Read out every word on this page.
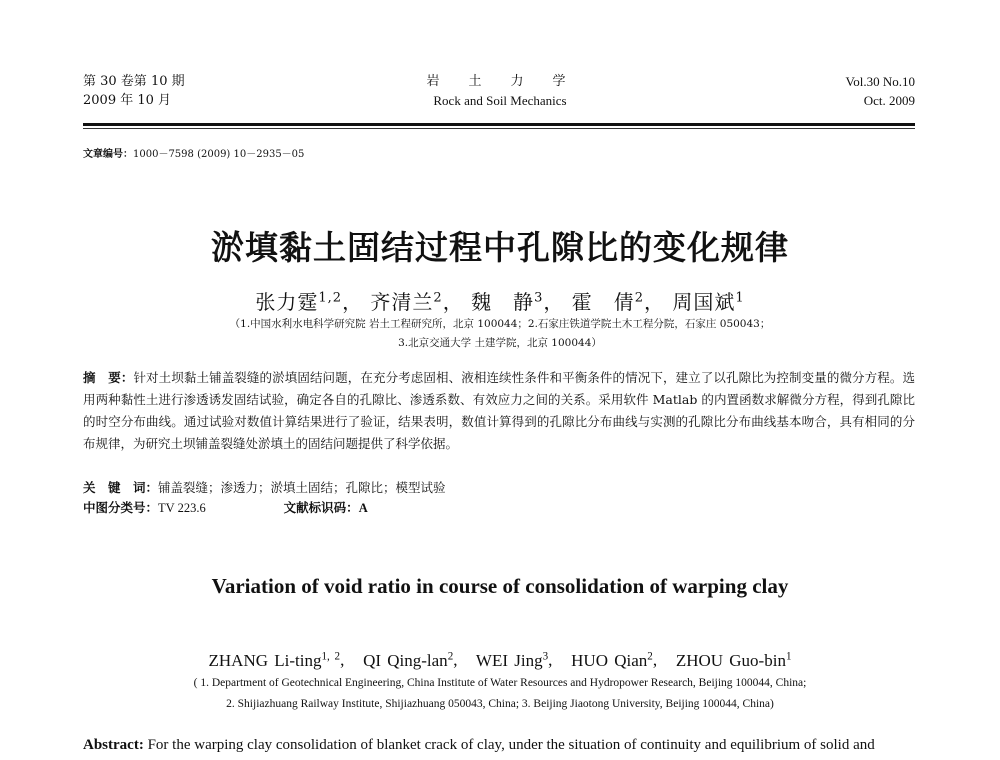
第 30 卷第 10 期
2009 年 10 月
岩　土　力　学
Rock and Soil Mechanics
Vol.30 No.10
Oct. 2009
文章编号：1000－7598 (2009) 10－2935－05
淤填黏土固结过程中孔隙比的变化规律
张力霆$^{1,2}$， 齐清兰$^2$， 魏　静$^3$， 霍　倩$^2$， 周国斌$^1$
（1.中国水利水电科学研究院 岩土工程研究所，北京 100044；2.石家庄铁道学院土木工程分院，石家庄 050043；
3.北京交通大学 土建学院，北京 100044）
摘　要：针对土坝黏土铺盖裂缝的淤填固结问题，在充分考虑固相、液相连续性条件和平衡条件的情况下，建立了以孔隙比为控制变量的微分方程。选用两种黏性土进行渗透诱发固结试验，确定各自的孔隙比、渗透系数、有效应力之间的关系。采用软件 Matlab 的内置函数求解微分方程，得到孔隙比的时空分布曲线。通过试验对数值计算结果进行了验证，结果表明，数值计算得到的孔隙比分布曲线与实测的孔隙比分布曲线基本吻合，具有相同的分布规律，为研究土坝铺盖裂缝处淤填土的固结问题提供了科学依据。
关　键　词：铺盖裂缝；渗透力；淤填土固结；孔隙比；模型试验
中图分类号：TV 223.6	文献标识码：A
Variation of void ratio in course of consolidation of warping clay
ZHANG Li-ting$^{1, 2}$,   QI Qing-lan$^2$,   WEI Jing$^3$,   HUO Qian$^2$,   ZHOU Guo-bin$^1$
( 1. Department of Geotechnical Engineering, China Institute of Water Resources and Hydropower Research, Beijing 100044, China;
2. Shijiazhuang Railway Institute, Shijiazhuang 050043, China; 3. Beijing Jiaotong University, Beijing 100044, China)
Abstract: For the warping clay consolidation of blanket crack of clay, under the situation of continuity and equilibrium of solid and
